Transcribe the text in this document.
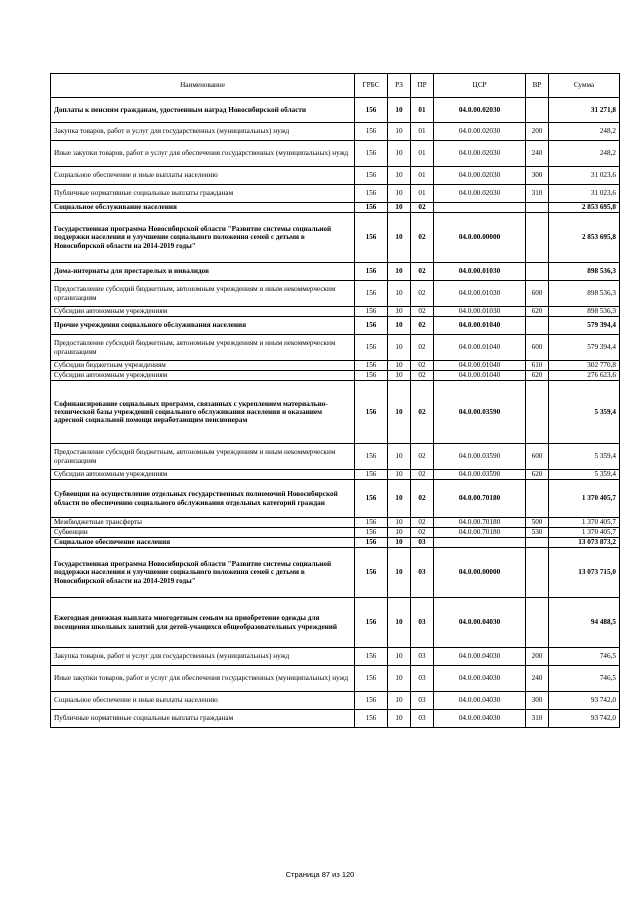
Наименование	ГРБС	РЗ	ПР	ЦСР	ВР	Сумма
Доплаты к пенсиям гражданам, удостоенным наград Новосибирской области	156	10	01	04.0.00.02030		31 271,8
Закупка товаров, работ и услуг для государственных (муниципальных) нужд	156	10	01	04.0.00.02030	200	248,2
Иные закупки товаров, работ и услуг для обеспечения государственных (муниципальных) нужд	156	10	01	04.0.00.02030	240	248,2
Социальное обеспечение и иные выплаты населению	156	10	01	04.0.00.02030	300	31 023,6
Публичные нормативные социальные выплаты гражданам	156	10	01	04.0.00.02030	310	31 023,6
Социальное обслуживание населения	156	10	02			2 853 695,8
Государственная программа Новосибирской области "Развитие системы социальной поддержки населения и улучшение социального положения семей с детьми в Новосибирской области на 2014-2019 годы"	156	10	02	04.0.00.00000		2 853 695,8
Дома-интернаты для престарелых и инвалидов	156	10	02	04.0.00.01030		898 536,3
Предоставление субсидий бюджетным, автономным учреждениям и иным некоммерческим организациям	156	10	02	04.0.00.01030	600	898 536,3
Субсидии автономным учреждениям	156	10	02	04.0.00.01030	620	898 536,3
Прочие учреждения социального обслуживания населения	156	10	02	04.0.00.01040		579 394,4
Предоставление субсидий бюджетным, автономным учреждениям и иным некоммерческим организациям	156	10	02	04.0.00.01040	600	579 394,4
Субсидии бюджетным учреждениям	156	10	02	04.0.00.01040	610	302 770,8
Субсидии автономным учреждениям	156	10	02	04.0.00.01040	620	276 623,6
Софинансирование социальных программ, связанных с укреплением материально-технической базы учреждений социального обслуживания населения и оказанием адресной социальной помощи неработающим пенсионерам	156	10	02	04.0.00.03590		5 359,4
Предоставление субсидий бюджетным, автономным учреждениям и иным некоммерческим организациям	156	10	02	04.0.00.03590	600	5 359,4
Субсидии автономным учреждениям	156	10	02	04.0.00.03590	620	5 359,4
Субвенции на осуществление отдельных государственных полномочий Новосибирской области по обеспечению социального обслуживания отдельных категорий граждан	156	10	02	04.0.00.70180		1 370 405,7
Межбюджетные трансферты	156	10	02	04.0.00.70180	500	1 370 405,7
Субвенции	156	10	02	04.0.00.70180	530	1 370 405,7
Социальное обеспечение населения	156	10	03			13 073 873,2
Государственная программа Новосибирской области "Развитие системы социальной поддержки населения и улучшение социального положения семей с детьми в Новосибирской области на 2014-2019 годы"	156	10	03	04.0.00.00000		13 073 715,0
Ежегодная денежная выплата многодетным семьям на приобретение одежды для посещения школьных занятий для детей-учащихся общеобразовательных учреждений	156	10	03	04.0.00.04030		94 488,5
Закупка товаров, работ и услуг для государственных (муниципальных) нужд	156	10	03	04.0.00.04030	200	746,5
Иные закупки товаров, работ и услуг для обеспечения государственных (муниципальных) нужд	156	10	03	04.0.00.04030	240	746,5
Социальное обеспечение и иные выплаты населению	156	10	03	04.0.00.04030	300	93 742,0
Публичные нормативные социальные выплаты гражданам	156	10	03	04.0.00.04030	310	93 742,0
Страница 87 из 120
